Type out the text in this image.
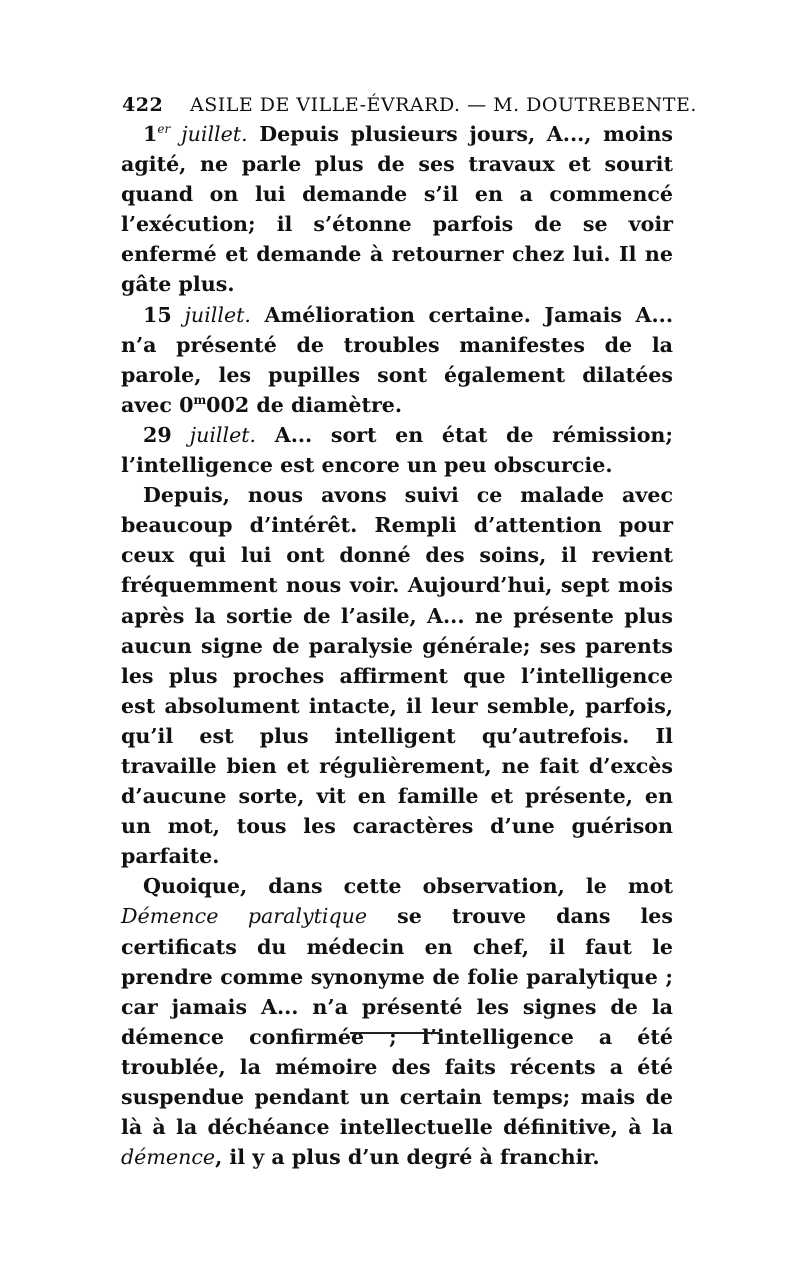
422 ASILE DE VILLE-ÉVRARD. — M. DOUTREBENTE.

1er juillet. Depuis plusieurs jours, A..., moins agité, ne parle plus de ses travaux et sourit quand on lui demande s’il en a commencé l’exécution; il s’étonne parfois de se voir enfermé et demande à retourner chez lui. Il ne gâte plus.

15 juillet. Amélioration certaine. Jamais A... n’a présenté de troubles manifestes de la parole, les pupilles sont également dilatées avec 0$^m$002 de diamètre.

29 juillet. A... sort en état de rémission; l’intelligence est encore un peu obscurcie.

Depuis, nous avons suivi ce malade avec beaucoup d’intérêt. Rempli d’attention pour ceux qui lui ont donné des soins, il revient fréquemment nous voir. Aujourd’hui, sept mois après la sortie de l’asile, A... ne présente plus aucun signe de paralysie générale; ses parents les plus proches affirment que l’intelligence est absolument intacte, il leur semble, parfois, qu’il est plus intelligent qu’autrefois. Il travaille bien et régulièrement, ne fait d’excès d’aucune sorte, vit en famille et présente, en un mot, tous les caractères d’une guérison parfaite.

Quoique, dans cette observation, le mot Démence paralytique se trouve dans les certificats du médecin en chef, il faut le prendre comme synonyme de folie paralytique ; car jamais A... n’a présenté les signes de la démence confirmée ; l’intelligence a été troublée, la mémoire des faits récents a été suspendue pendant un certain temps; mais de là à la déchéance intellectuelle définitive, à la démence, il y a plus d’un degré à franchir.
